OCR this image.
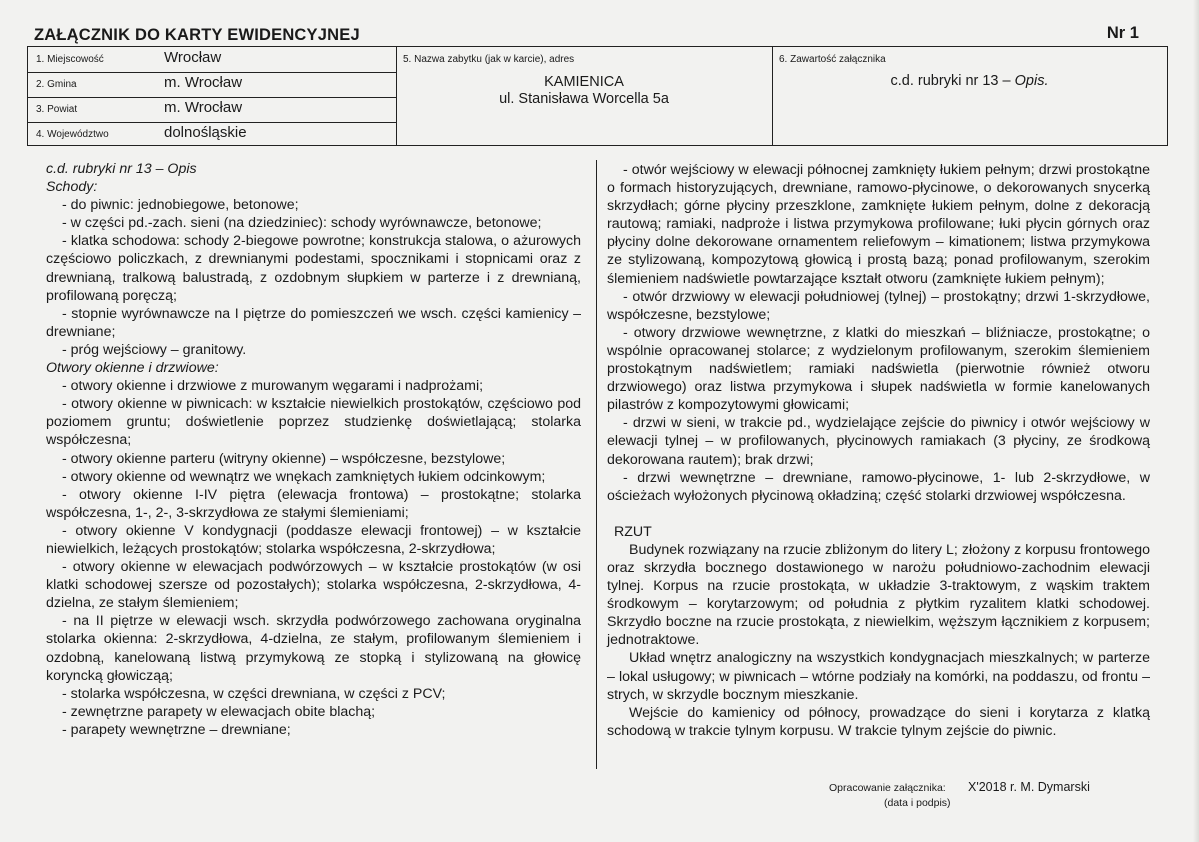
ZAŁĄCZNIK DO KARTY EWIDENCYJNEJ	Nr 1
1. Miejscowość	Wrocław
2. Gmina	m. Wrocław
3. Powiat	m. Wrocław
4. Województwo	dolnośląskie
5. Nazwa zabytku (jak w karcie), adres
KAMIENICA
ul. Stanisława Worcella 5a
6. Zawartość załącznika
c.d. rubryki nr 13 – Opis.

c.d. rubryki nr 13 – Opis

Schody:

- do piwnic: jednobiegowe, betonowe;

- w części pd.-zach. sieni (na dziedziniec): schody wyrównawcze, betonowe;

- klatka schodowa: schody 2-biegowe powrotne; konstrukcja stalowa, o ażurowych częściowo policzkach, z drewnianymi podestami, spocznikami i stopnicami oraz z drewnianą, tralkową balustradą, z ozdobnym słupkiem w parterze i z drewnianą, profilowaną poręczą;

- stopnie wyrównawcze na I piętrze do pomieszczeń we wsch. części kamienicy – drewniane;

- próg wejściowy – granitowy.

Otwory okienne i drzwiowe:

- otwory okienne i drzwiowe z murowanym węgarami i nadprożami;

- otwory okienne w piwnicach: w kształcie niewielkich prostokątów, częściowo pod poziomem gruntu; doświetlenie poprzez studzienkę doświetlającą; stolarka współczesna;

- otwory okienne parteru (witryny okienne) – współczesne, bezstylowe;

- otwory okienne od wewnątrz we wnękach zamkniętych łukiem odcinkowym;

- otwory okienne I-IV piętra (elewacja frontowa) – prostokątne; stolarka współczesna, 1-, 2-, 3-skrzydłowa ze stałymi ślemieniami;

- otwory okienne V kondygnacji (poddasze elewacji frontowej) – w kształcie niewielkich, leżących prostokątów; stolarka współczesna, 2-skrzydłowa;

- otwory okienne w elewacjach podwórzowych – w kształcie prostokątów (w osi klatki schodowej szersze od pozostałych); stolarka współczesna, 2-skrzydłowa, 4-dzielna, ze stałym ślemieniem;

- na II piętrze w elewacji wsch. skrzydła podwórzowego zachowana oryginalna stolarka okienna: 2-skrzydłowa, 4-dzielna, ze stałym, profilowanym ślemieniem i ozdobną, kanelowaną listwą przymykową ze stopką i stylizowaną na głowicę koryncką głowicząą;

- stolarka współczesna, w części drewniana, w części z PCV;

- zewnętrzne parapety w elewacjach obite blachą;

- parapety wewnętrzne – drewniane;

- otwór wejściowy w elewacji północnej zamknięty łukiem pełnym; drzwi prostokątne o formach historyzujących, drewniane, ramowo-płycinowe, o dekorowanych snycerką skrzydłach; górne płyciny przeszklone, zamknięte łukiem pełnym, dolne z dekoracją rautową; ramiaki, nadproże i listwa przymykowa profilowane; łuki płycin górnych oraz płyciny dolne dekorowane ornamentem reliefowym – kimationem; listwa przymykowa ze stylizowaną, kompozytową głowicą i prostą bazą; ponad profilowanym, szerokim ślemieniem nadświetle powtarzające kształt otworu (zamknięte łukiem pełnym);

- otwór drzwiowy w elewacji południowej (tylnej) – prostokątny; drzwi 1-skrzydłowe, współczesne, bezstylowe;

- otwory drzwiowe wewnętrzne, z klatki do mieszkań – bliźniacze, prostokątne; o wspólnie opracowanej stolarce; z wydzielonym profilowanym, szerokim ślemieniem prostokątnym nadświetlem; ramiaki nadświetla (pierwotnie również otworu drzwiowego) oraz listwa przymykowa i słupek nadświetla w formie kanelowanych pilastrów z kompozytowymi głowicami;

- drzwi w sieni, w trakcie pd., wydzielające zejście do piwnicy i otwór wejściowy w elewacji tylnej – w profilowanych, płycinowych ramiakach (3 płyciny, ze środkową dekorowana rautem); brak drzwi;

- drzwi wewnętrzne – drewniane, ramowo-płycinowe, 1- lub 2-skrzydłowe, w ościeżach wyłożonych płycinową okładziną; część stolarki drzwiowej współczesna.

RZUT

Budynek rozwiązany na rzucie zbliżonym do litery L; złożony z korpusu frontowego oraz skrzydła bocznego dostawionego w narożu południowo-zachodnim elewacji tylnej. Korpus na rzucie prostokąta, w układzie 3-traktowym, z wąskim traktem środkowym – korytarzowym; od południa z płytkim ryzalitem klatki schodowej. Skrzydło boczne na rzucie prostokąta, z niewielkim, węższym łącznikiem z korpusem; jednotraktowe.

Układ wnętrz analogiczny na wszystkich kondygnacjach mieszkalnych; w parterze – lokal usługowy; w piwnicach – wtórne podziały na komórki, na poddaszu, od frontu – strych, w skrzydle bocznym mieszkanie.

Wejście do kamienicy od północy, prowadzące do sieni i korytarza z klatką schodową w trakcie tylnym korpusu. W trakcie tylnym zejście do piwnic.

Opracowanie załącznika: X'2018 r. M. Dymarski
(data i podpis)
